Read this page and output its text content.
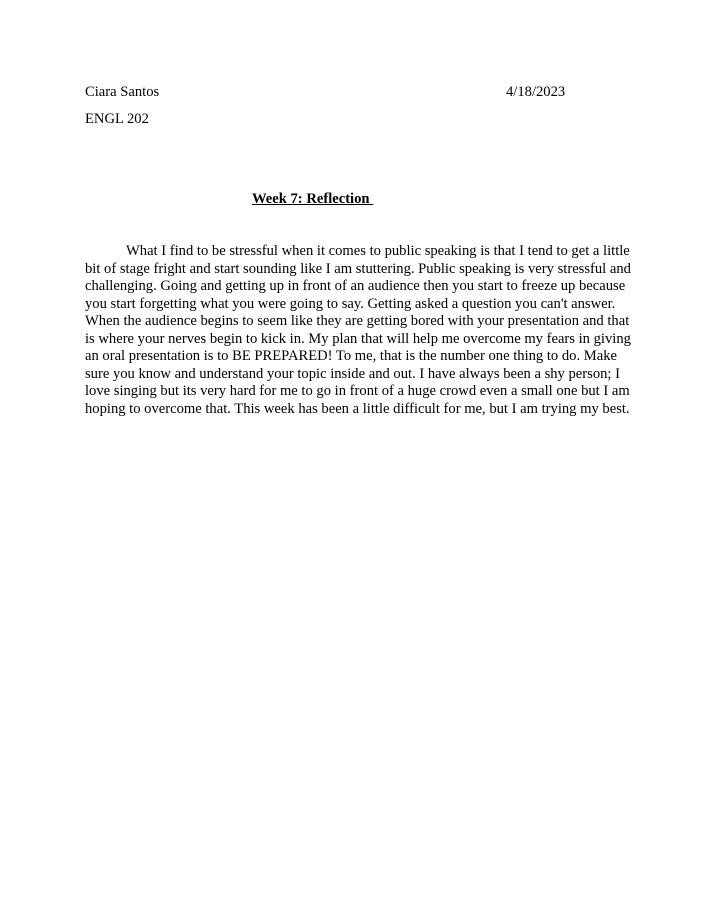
Ciara Santos	4/18/2023
ENGL 202
Week 7: Reflection

What I find to be stressful when it comes to public speaking is that I tend to get a little bit of stage fright and start sounding like I am stuttering. Public speaking is very stressful and challenging. Going and getting up in front of an audience then you start to freeze up because you start forgetting what you were going to say. Getting asked a question you can't answer. When the audience begins to seem like they are getting bored with your presentation and that is where your nerves begin to kick in. My plan that will help me overcome my fears in giving an oral presentation is to BE PREPARED! To me, that is the number one thing to do. Make sure you know and understand your topic inside and out. I have always been a shy person; I love singing but its very hard for me to go in front of a huge crowd even a small one but I am hoping to overcome that. This week has been a little difficult for me, but I am trying my best.
